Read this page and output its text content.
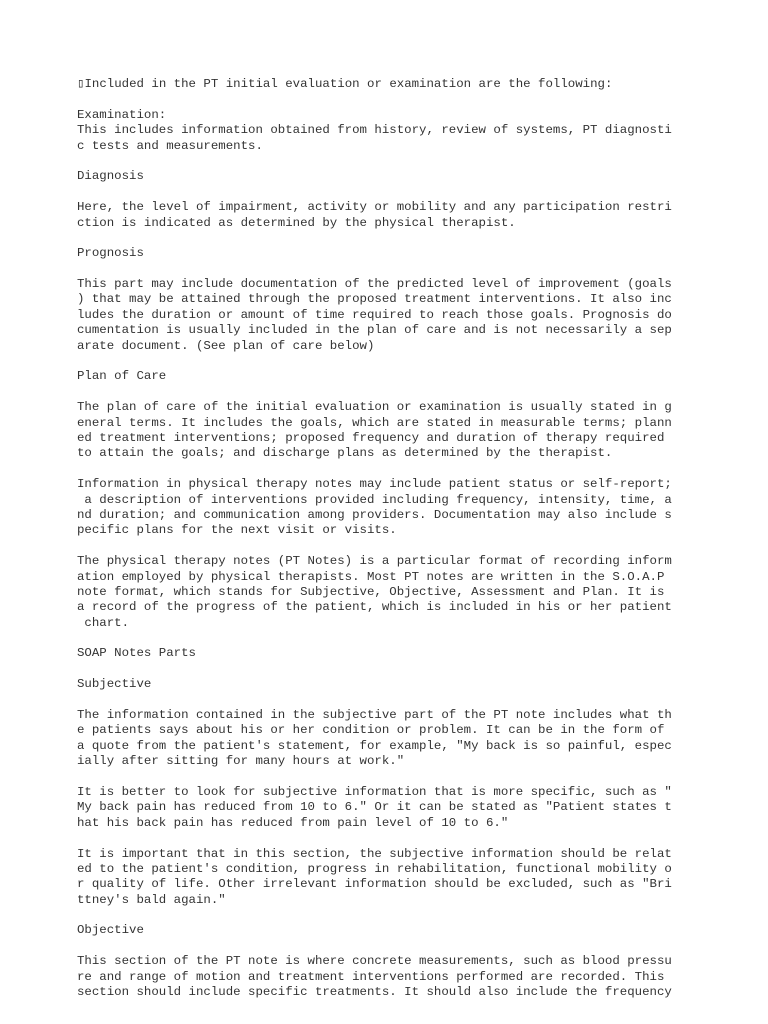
▯Included in the PT initial evaluation or examination are the following:
Examination:
This includes information obtained from history, review of systems, PT diagnosti
c tests and measurements.
Diagnosis
Here, the level of impairment, activity or mobility and any participation restri
ction is indicated as determined by the physical therapist.
Prognosis
This part may include documentation of the predicted level of improvement (goals
) that may be attained through the proposed treatment interventions. It also inc
ludes the duration or amount of time required to reach those goals. Prognosis do
cumentation is usually included in the plan of care and is not necessarily a sep
arate document. (See plan of care below)
Plan of Care
The plan of care of the initial evaluation or examination is usually stated in g
eneral terms. It includes the goals, which are stated in measurable terms; plann
ed treatment interventions; proposed frequency and duration of therapy required
to attain the goals; and discharge plans as determined by the therapist.
Information in physical therapy notes may include patient status or self-report;
a description of interventions provided including frequency, intensity, time, a
nd duration; and communication among providers. Documentation may also include s
pecific plans for the next visit or visits.
The physical therapy notes (PT Notes) is a particular format of recording inform
ation employed by physical therapists. Most PT notes are written in the S.O.A.P
note format, which stands for Subjective, Objective, Assessment and Plan. It is
a record of the progress of the patient, which is included in his or her patient
chart.
SOAP Notes Parts
Subjective
The information contained in the subjective part of the PT note includes what th
e patients says about his or her condition or problem. It can be in the form of
a quote from the patient's statement, for example, "My back is so painful, espec
ially after sitting for many hours at work."
It is better to look for subjective information that is more specific, such as "
My back pain has reduced from 10 to 6." Or it can be stated as "Patient states t
hat his back pain has reduced from pain level of 10 to 6."
It is important that in this section, the subjective information should be relat
ed to the patient's condition, progress in rehabilitation, functional mobility o
r quality of life. Other irrelevant information should be excluded, such as "Bri
ttney's bald again."
Objective
This section of the PT note is where concrete measurements, such as blood pressu
re and range of motion and treatment interventions performed are recorded. This
section should include specific treatments. It should also include the frequency
